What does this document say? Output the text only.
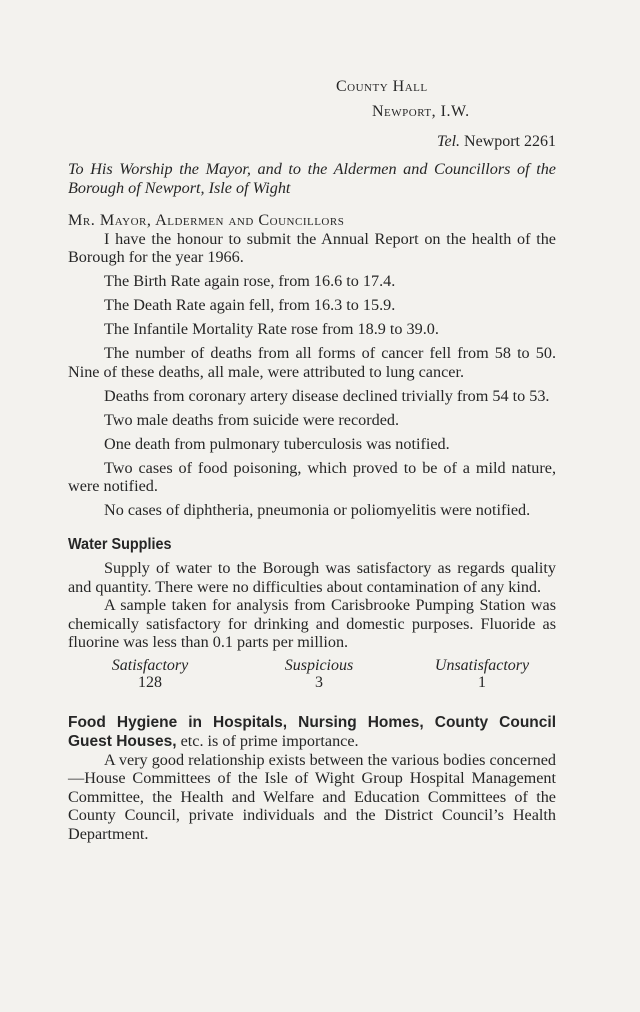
County Hall
Newport, I.W.
Tel. Newport 2261

To His Worship the Mayor, and to the Aldermen and Councillors of the Borough of Newport, Isle of Wight

Mr. Mayor, Aldermen and Councillors

I have the honour to submit the Annual Report on the health of the Borough for the year 1966.

The Birth Rate again rose, from 16.6 to 17.4.

The Death Rate again fell, from 16.3 to 15.9.

The Infantile Mortality Rate rose from 18.9 to 39.0.

The number of deaths from all forms of cancer fell from 58 to 50. Nine of these deaths, all male, were attributed to lung cancer.

Deaths from coronary artery disease declined trivially from 54 to 53.

Two male deaths from suicide were recorded.

One death from pulmonary tuberculosis was notified.

Two cases of food poisoning, which proved to be of a mild nature, were notified.

No cases of diphtheria, pneumonia or poliomyelitis were notified.

Water Supplies

Supply of water to the Borough was satisfactory as regards quality and quantity. There were no difficulties about contamination of any kind.

A sample taken for analysis from Carisbrooke Pumping Station was chemically satisfactory for drinking and domestic purposes. Fluoride as fluorine was less than 0.1 parts per million.

Satisfactory
128
Suspicious
3
Unsatisfactory
1

Food Hygiene in Hospitals, Nursing Homes, County Council Guest Houses, etc. is of prime importance.

A very good relationship exists between the various bodies concerned—House Committees of the Isle of Wight Group Hospital Management Committee, the Health and Welfare and Education Committees of the County Council, private individuals and the District Council’s Health Department.
